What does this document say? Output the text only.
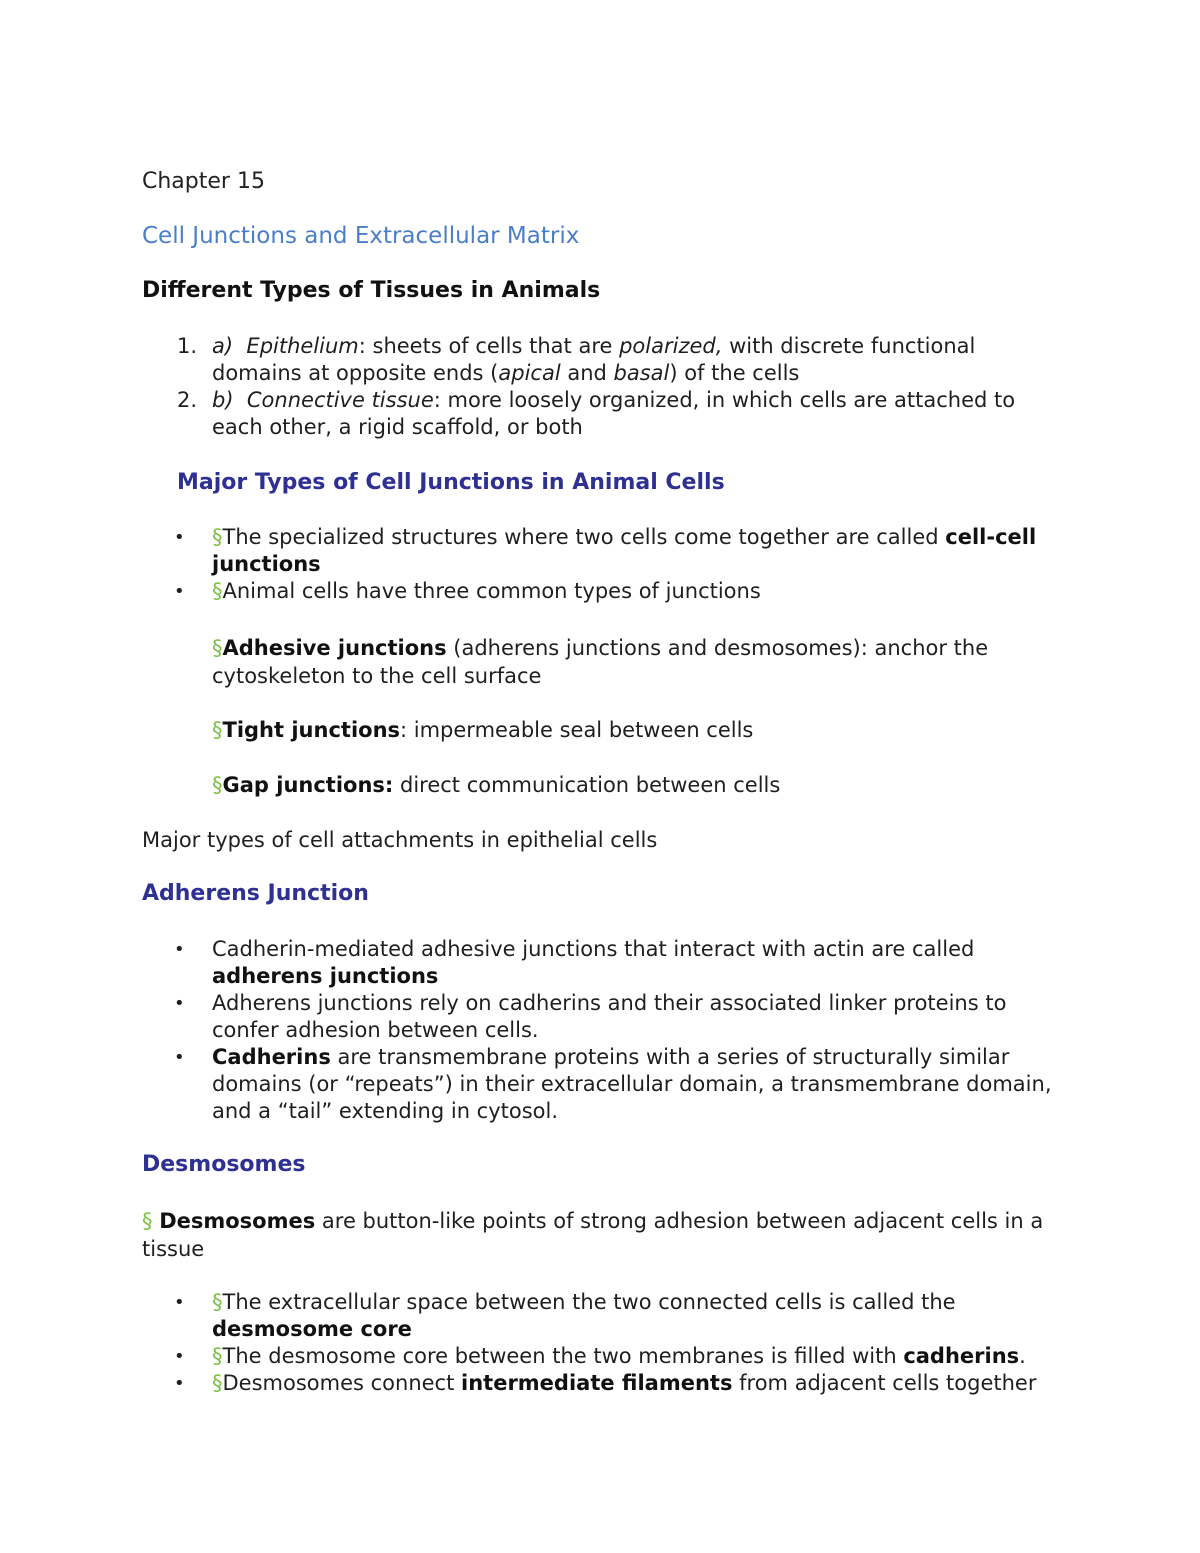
Chapter 15
Cell Junctions and Extracellular Matrix
Different Types of Tissues in Animals
1. a) Epithelium: sheets of cells that are polarized, with discrete functional domains at opposite ends (apical and basal) of the cells
2. b) Connective tissue: more loosely organized, in which cells are attached to each other, a rigid scaffold, or both
Major Types of Cell Junctions in Animal Cells
• §The specialized structures where two cells come together are called cell-cell junctions
• §Animal cells have three common types of junctions
§Adhesive junctions (adherens junctions and desmosomes): anchor the cytoskeleton to the cell surface
§Tight junctions: impermeable seal between cells
§Gap junctions: direct communication between cells
Major types of cell attachments in epithelial cells
Adherens Junction
• Cadherin-mediated adhesive junctions that interact with actin are called adherens junctions
• Adherens junctions rely on cadherins and their associated linker proteins to confer adhesion between cells.
• Cadherins are transmembrane proteins with a series of structurally similar domains (or “repeats”) in their extracellular domain, a transmembrane domain, and a “tail” extending in cytosol.
Desmosomes
§ Desmosomes are button-like points of strong adhesion between adjacent cells in a tissue
• §The extracellular space between the two connected cells is called the desmosome core
• §The desmosome core between the two membranes is filled with cadherins.
• §Desmosomes connect intermediate filaments from adjacent cells together
